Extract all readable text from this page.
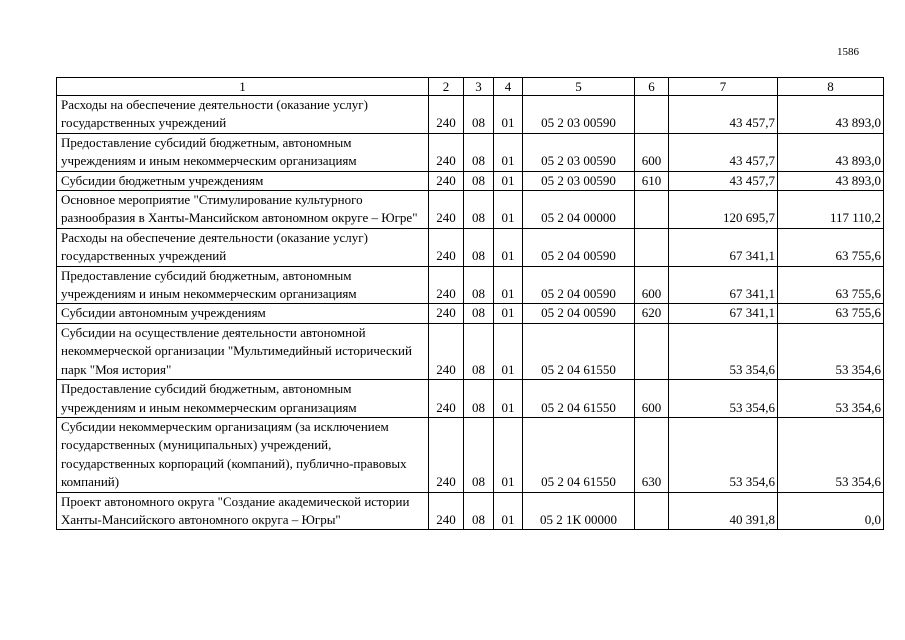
1586
1	2	3	4	5	6	7	8
Расходы на обеспечение деятельности (оказание услуг) государственных учреждений	240	08	01	05 2 03 00590		43 457,7	43 893,0
Предоставление субсидий бюджетным, автономным учреждениям и иным некоммерческим организациям	240	08	01	05 2 03 00590	600	43 457,7	43 893,0
Субсидии бюджетным учреждениям	240	08	01	05 2 03 00590	610	43 457,7	43 893,0
Основное мероприятие "Стимулирование культурного разнообразия в Ханты-Мансийском автономном округе – Югре"	240	08	01	05 2 04 00000		120 695,7	117 110,2
Расходы на обеспечение деятельности (оказание услуг) государственных учреждений	240	08	01	05 2 04 00590		67 341,1	63 755,6
Предоставление субсидий бюджетным, автономным учреждениям и иным некоммерческим организациям	240	08	01	05 2 04 00590	600	67 341,1	63 755,6
Субсидии автономным учреждениям	240	08	01	05 2 04 00590	620	67 341,1	63 755,6
Субсидии на осуществление деятельности автономной некоммерческой организации "Мультимедийный исторический парк "Моя история"	240	08	01	05 2 04 61550		53 354,6	53 354,6
Предоставление субсидий бюджетным, автономным учреждениям и иным некоммерческим организациям	240	08	01	05 2 04 61550	600	53 354,6	53 354,6
Субсидии некоммерческим организациям (за исключением государственных (муниципальных) учреждений, государственных корпораций (компаний), публично-правовых компаний)	240	08	01	05 2 04 61550	630	53 354,6	53 354,6
Проект автономного округа "Создание академической истории Ханты-Мансийского автономного округа – Югры"	240	08	01	05 2 1К 00000		40 391,8	0,0
